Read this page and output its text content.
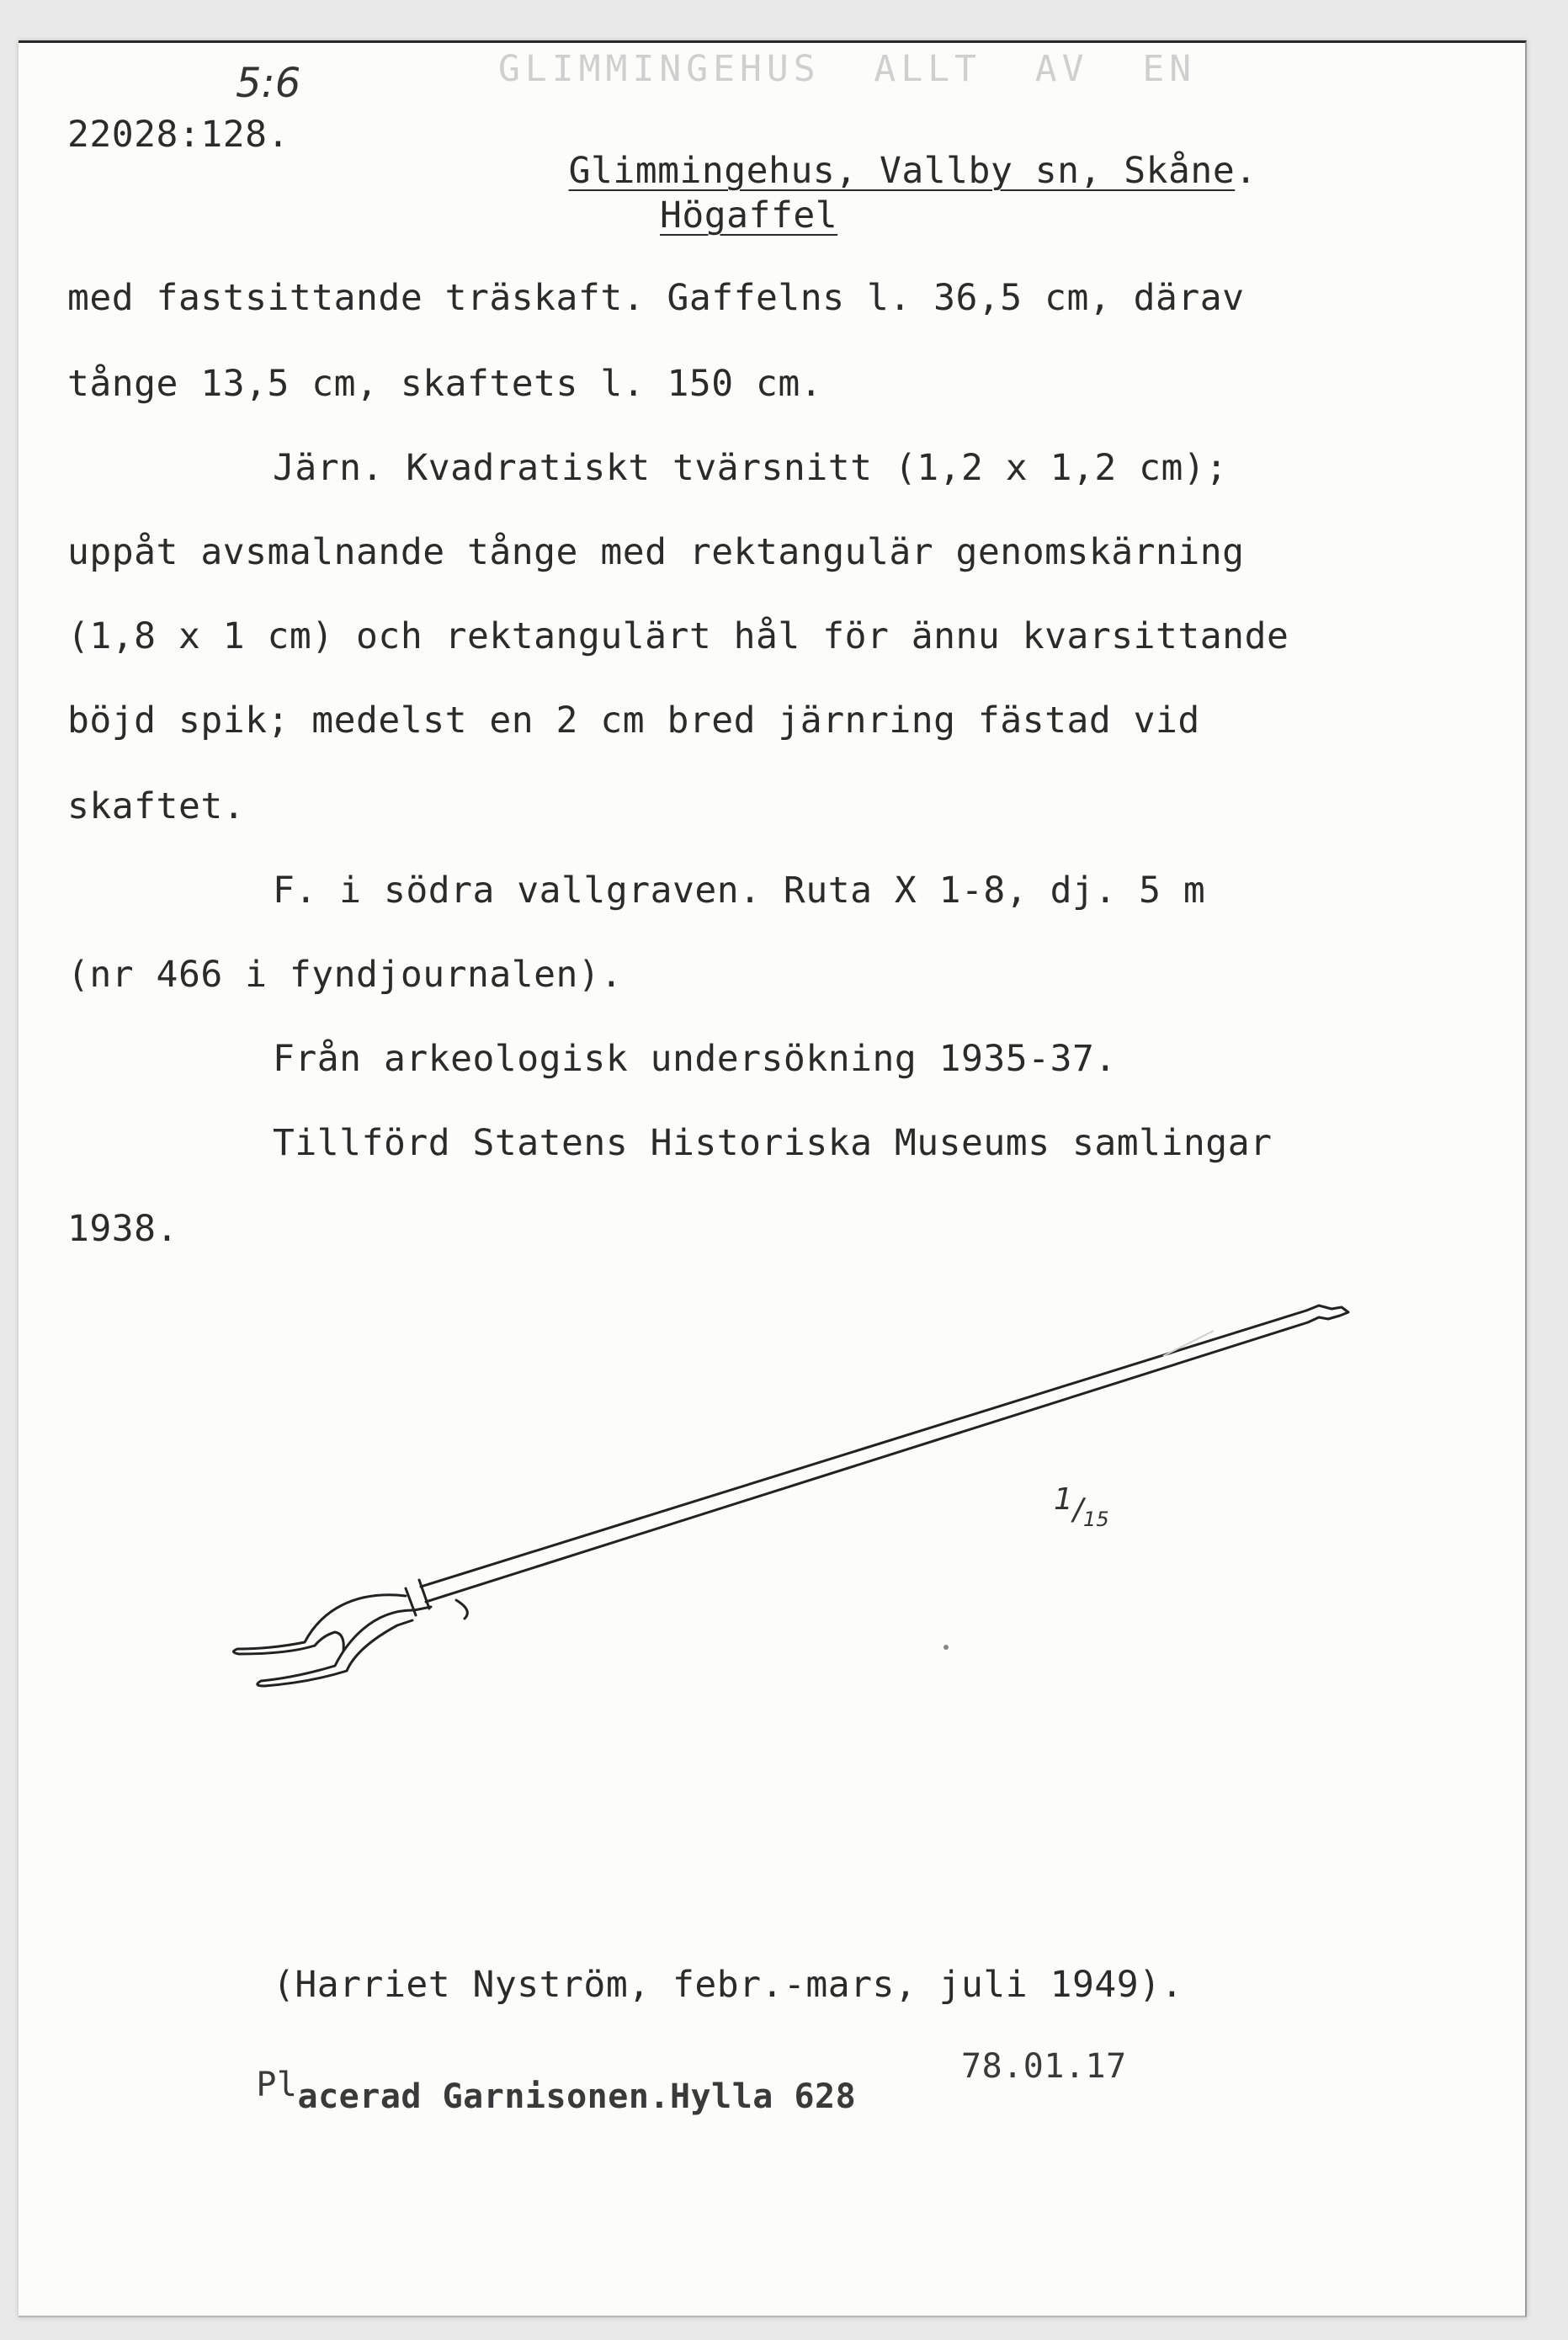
GLIMMINGEHUS  ALLT  AV  EN
5:6
22028:128.

Glimmingehus, Vallby sn, Skåne.

Högaffel
med fastsittande träskaft. Gaffelns l. 36,5 cm, därav
tånge 13,5 cm, skaftets l. 150 cm.
Järn. Kvadratiskt tvärsnitt (1,2 x 1,2 cm);
uppåt avsmalnande tånge med rektangulär genomskärning
(1,8 x 1 cm) och rektangulärt hål för ännu kvarsittande
böjd spik; medelst en 2 cm bred järnring fästad vid
skaftet.
F. i södra vallgraven. Ruta X 1-8, dj. 5 m
(nr 466 i fyndjournalen).
Från arkeologisk undersökning 1935-37.
Tillförd Statens Historiska Museums samlingar
1938.
$1/_{15}$
(Harriet Nyström, febr.-mars, juli 1949).

Placerad Garnisonen.Hylla 628

78.01.17
